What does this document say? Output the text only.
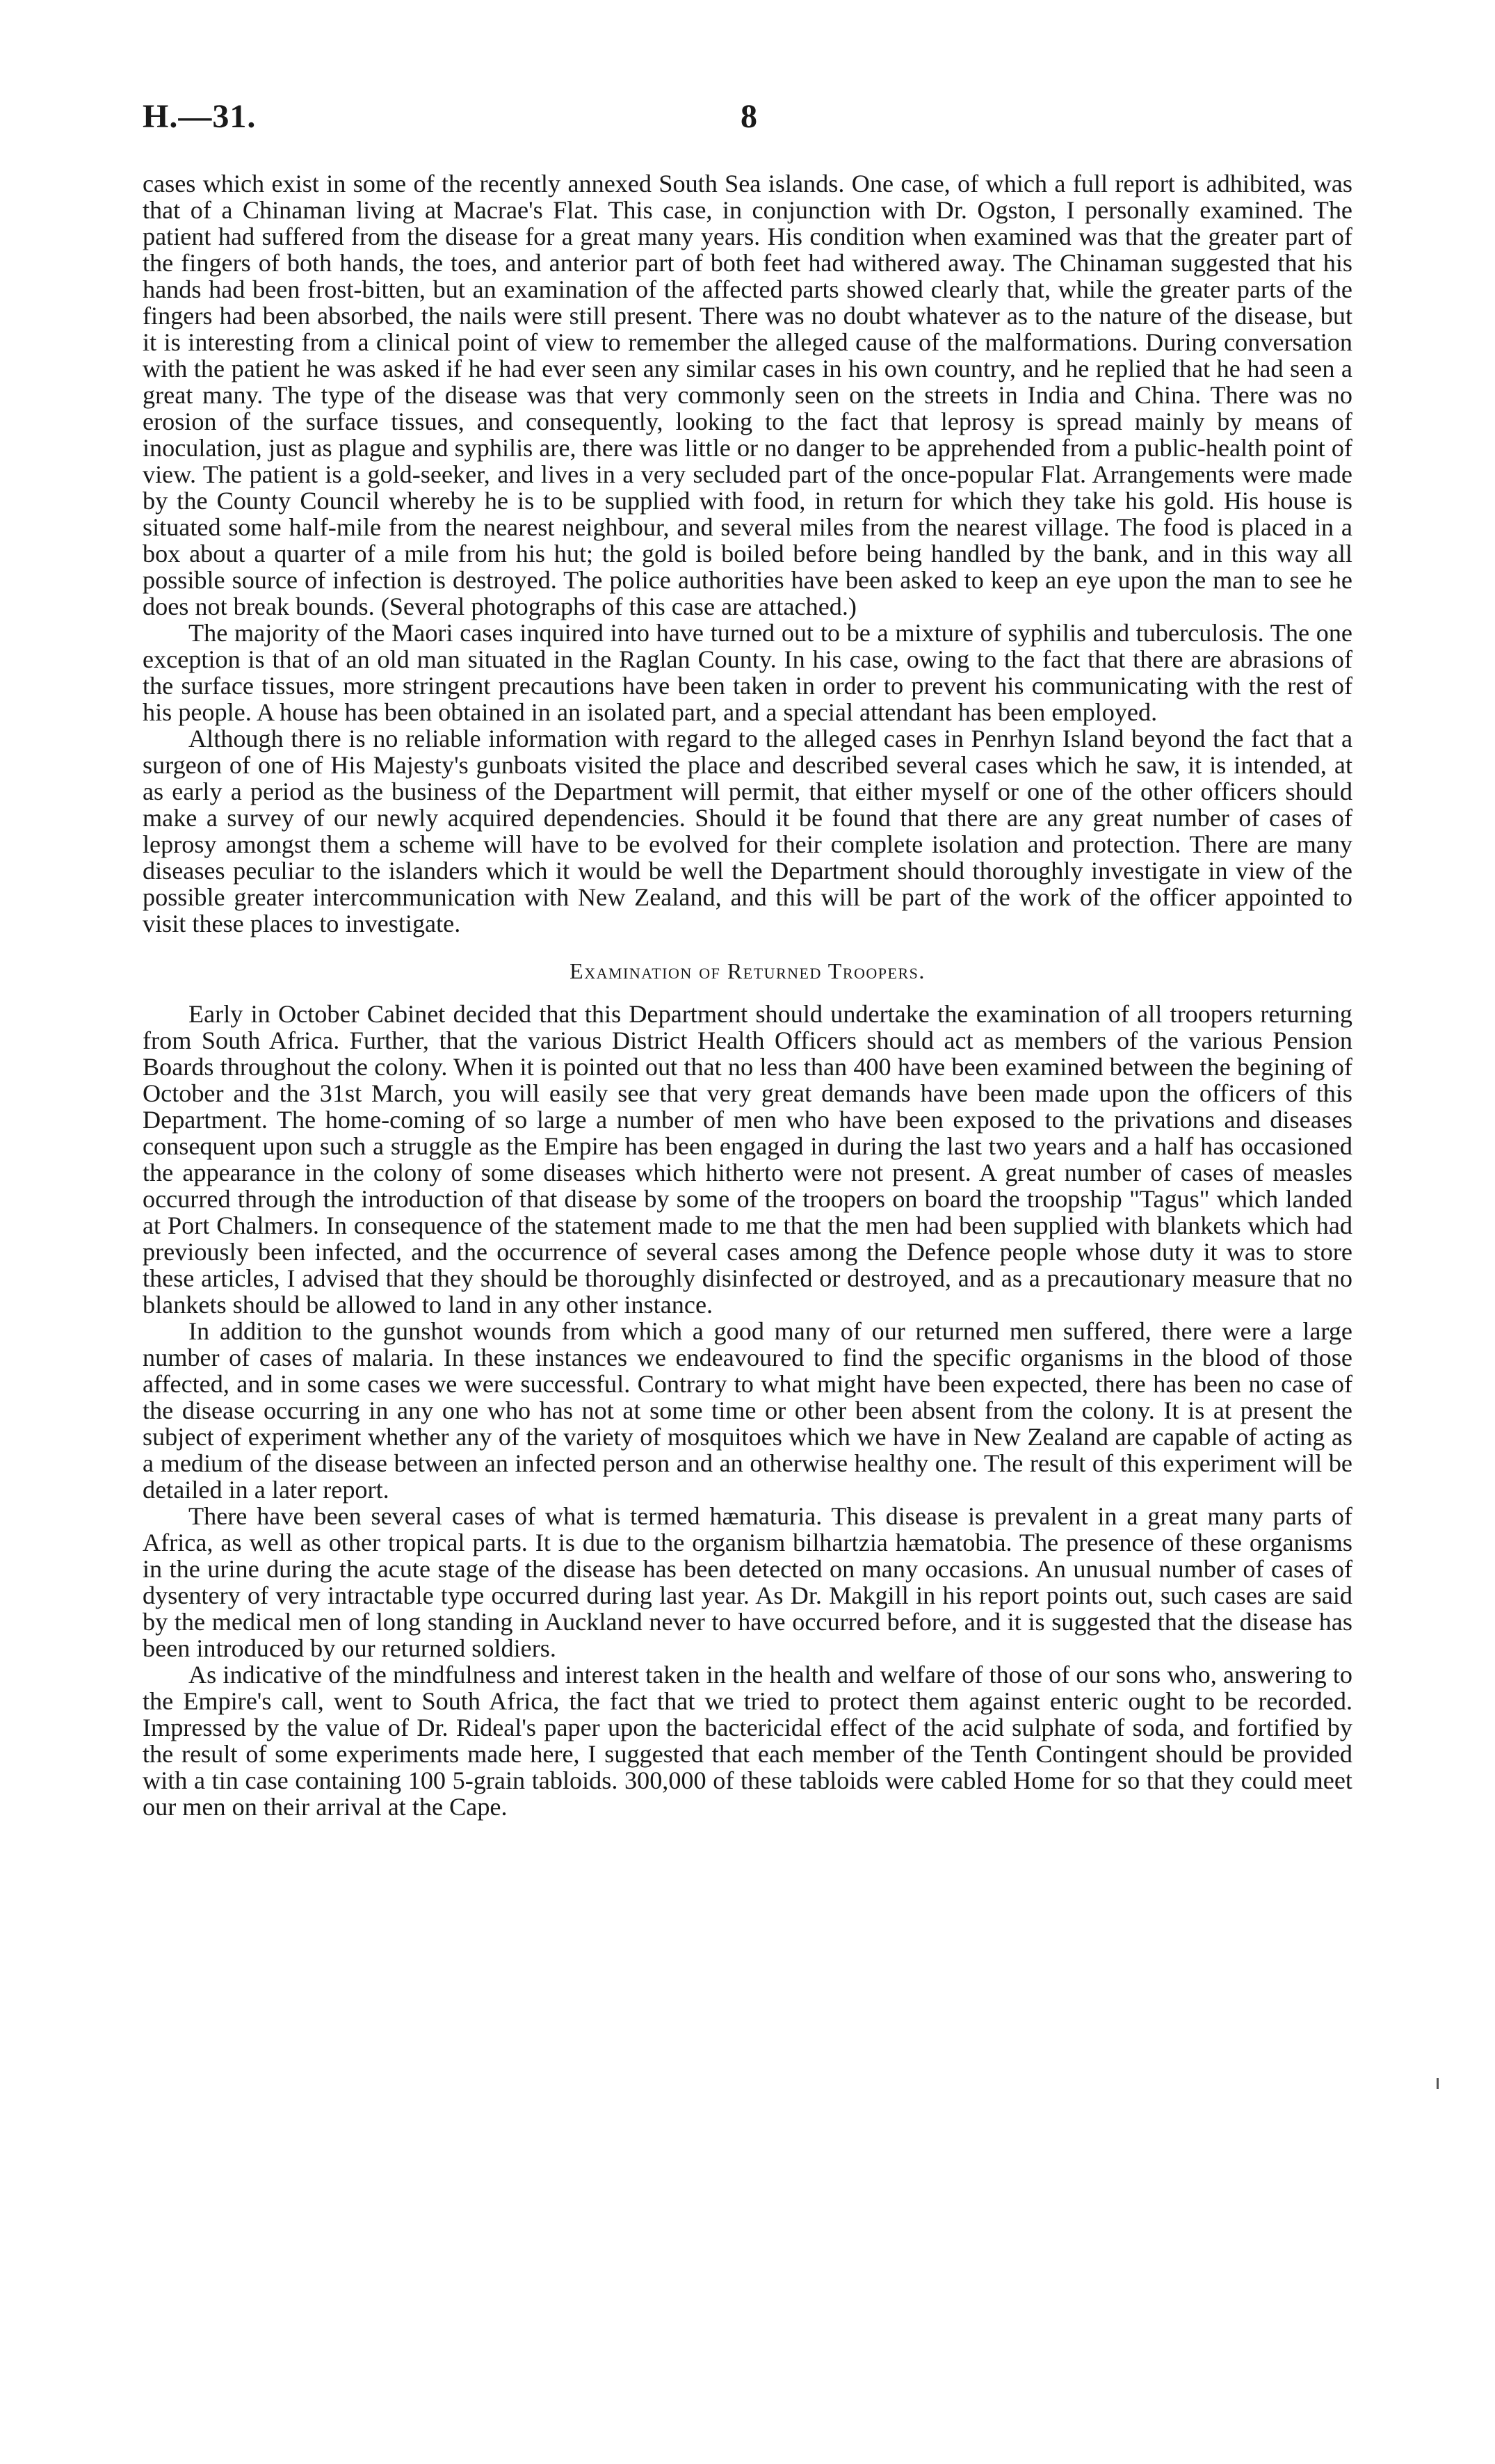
H.—31.	8

cases which exist in some of the recently annexed South Sea islands. One case, of which a full report is adhibited, was that of a Chinaman living at Macrae's Flat. This case, in conjunction with Dr. Ogston, I personally examined. The patient had suffered from the disease for a great many years. His condition when examined was that the greater part of the fingers of both hands, the toes, and anterior part of both feet had withered away. The Chinaman suggested that his hands had been frost-bitten, but an examination of the affected parts showed clearly that, while the greater parts of the fingers had been absorbed, the nails were still present. There was no doubt whatever as to the nature of the disease, but it is interesting from a clinical point of view to remember the alleged cause of the malformations. During conversation with the patient he was asked if he had ever seen any similar cases in his own country, and he replied that he had seen a great many. The type of the disease was that very commonly seen on the streets in India and China. There was no erosion of the surface tissues, and consequently, looking to the fact that leprosy is spread mainly by means of inoculation, just as plague and syphilis are, there was little or no danger to be apprehended from a public-health point of view. The patient is a gold-seeker, and lives in a very secluded part of the once-popular Flat. Arrangements were made by the County Council whereby he is to be supplied with food, in return for which they take his gold. His house is situated some half-mile from the nearest neighbour, and several miles from the nearest village. The food is placed in a box about a quarter of a mile from his hut; the gold is boiled before being handled by the bank, and in this way all possible source of infection is destroyed. The police authorities have been asked to keep an eye upon the man to see he does not break bounds. (Several photographs of this case are attached.)

The majority of the Maori cases inquired into have turned out to be a mixture of syphilis and tuberculosis. The one exception is that of an old man situated in the Raglan County. In his case, owing to the fact that there are abrasions of the surface tissues, more stringent precautions have been taken in order to prevent his communicating with the rest of his people. A house has been obtained in an isolated part, and a special attendant has been employed.

Although there is no reliable information with regard to the alleged cases in Penrhyn Island beyond the fact that a surgeon of one of His Majesty's gunboats visited the place and described several cases which he saw, it is intended, at as early a period as the business of the Department will permit, that either myself or one of the other officers should make a survey of our newly acquired dependencies. Should it be found that there are any great number of cases of leprosy amongst them a scheme will have to be evolved for their complete isolation and protection. There are many diseases peculiar to the islanders which it would be well the Department should thoroughly investigate in view of the possible greater intercommunication with New Zealand, and this will be part of the work of the officer appointed to visit these places to investigate.

Examination of Returned Troopers.

Early in October Cabinet decided that this Department should undertake the examination of all troopers returning from South Africa. Further, that the various District Health Officers should act as members of the various Pension Boards throughout the colony. When it is pointed out that no less than 400 have been examined between the begining of October and the 31st March, you will easily see that very great demands have been made upon the officers of this Department. The home-coming of so large a number of men who have been exposed to the privations and diseases consequent upon such a struggle as the Empire has been engaged in during the last two years and a half has occasioned the appearance in the colony of some diseases which hitherto were not present. A great number of cases of measles occurred through the introduction of that disease by some of the troopers on board the troopship "Tagus" which landed at Port Chalmers. In consequence of the statement made to me that the men had been supplied with blankets which had previously been infected, and the occurrence of several cases among the Defence people whose duty it was to store these articles, I advised that they should be thoroughly disinfected or destroyed, and as a precautionary measure that no blankets should be allowed to land in any other instance.

In addition to the gunshot wounds from which a good many of our returned men suffered, there were a large number of cases of malaria. In these instances we endeavoured to find the specific organisms in the blood of those affected, and in some cases we were successful. Contrary to what might have been expected, there has been no case of the disease occurring in any one who has not at some time or other been absent from the colony. It is at present the subject of experiment whether any of the variety of mosquitoes which we have in New Zealand are capable of acting as a medium of the disease between an infected person and an otherwise healthy one. The result of this experiment will be detailed in a later report.

There have been several cases of what is termed hæmaturia. This disease is prevalent in a great many parts of Africa, as well as other tropical parts. It is due to the organism bilhartzia hæmatobia. The presence of these organisms in the urine during the acute stage of the disease has been detected on many occasions. An unusual number of cases of dysentery of very intractable type occurred during last year. As Dr. Makgill in his report points out, such cases are said by the medical men of long standing in Auckland never to have occurred before, and it is suggested that the disease has been introduced by our returned soldiers.

As indicative of the mindfulness and interest taken in the health and welfare of those of our sons who, answering to the Empire's call, went to South Africa, the fact that we tried to protect them against enteric ought to be recorded. Impressed by the value of Dr. Rideal's paper upon the bactericidal effect of the acid sulphate of soda, and fortified by the result of some experiments made here, I suggested that each member of the Tenth Contingent should be provided with a tin case containing 100 5-grain tabloids. 300,000 of these tabloids were cabled Home for so that they could meet our men on their arrival at the Cape.
